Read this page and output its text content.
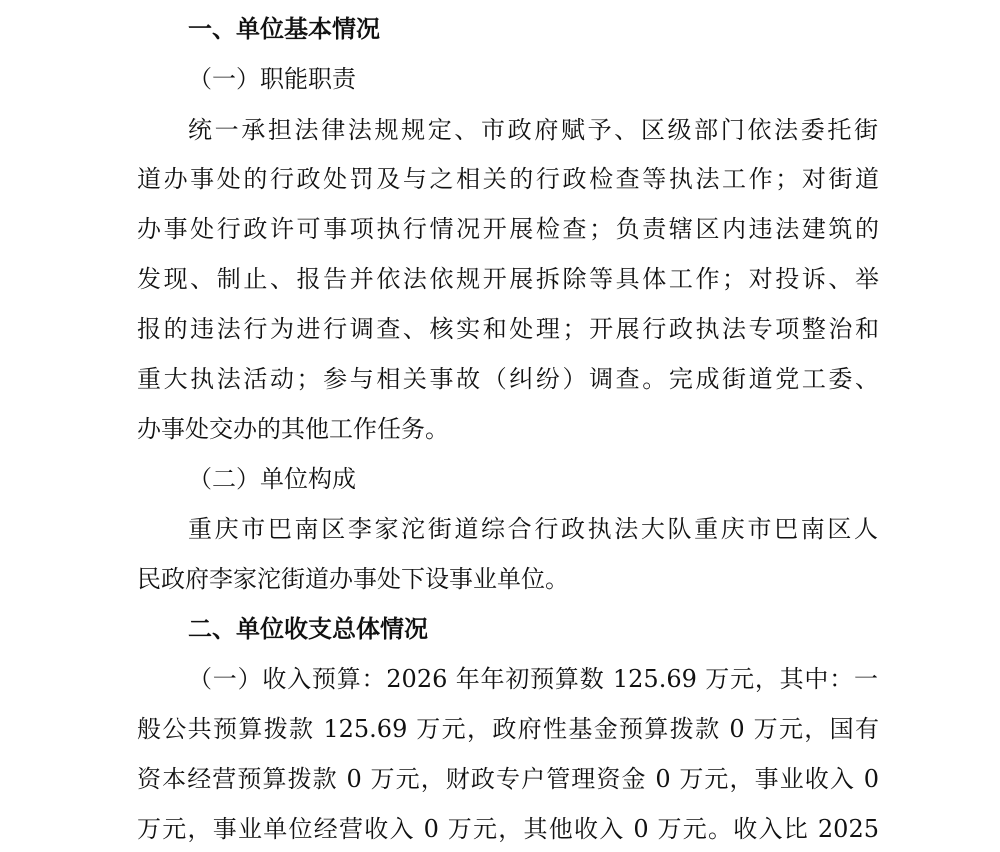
一、单位基本情况
（一）职能职责
统一承担法律法规规定、市政府赋予、区级部门依法委托街
道办事处的行政处罚及与之相关的行政检查等执法工作；对街道
办事处行政许可事项执行情况开展检查；负责辖区内违法建筑的
发现、制止、报告并依法依规开展拆除等具体工作；对投诉、举
报的违法行为进行调查、核实和处理；开展行政执法专项整治和
重大执法活动；参与相关事故（纠纷）调查。完成街道党工委、
办事处交办的其他工作任务。
（二）单位构成
重庆市巴南区李家沱街道综合行政执法大队重庆市巴南区人
民政府李家沱街道办事处下设事业单位。
二、单位收支总体情况
（一）收入预算：2026 年年初预算数 125.69 万元，其中：一
般公共预算拨款 125.69 万元，政府性基金预算拨款 0 万元，国有
资本经营预算拨款 0 万元，财政专户管理资金 0 万元，事业收入 0
万元，事业单位经营收入 0 万元，其他收入 0 万元。收入比 2025
